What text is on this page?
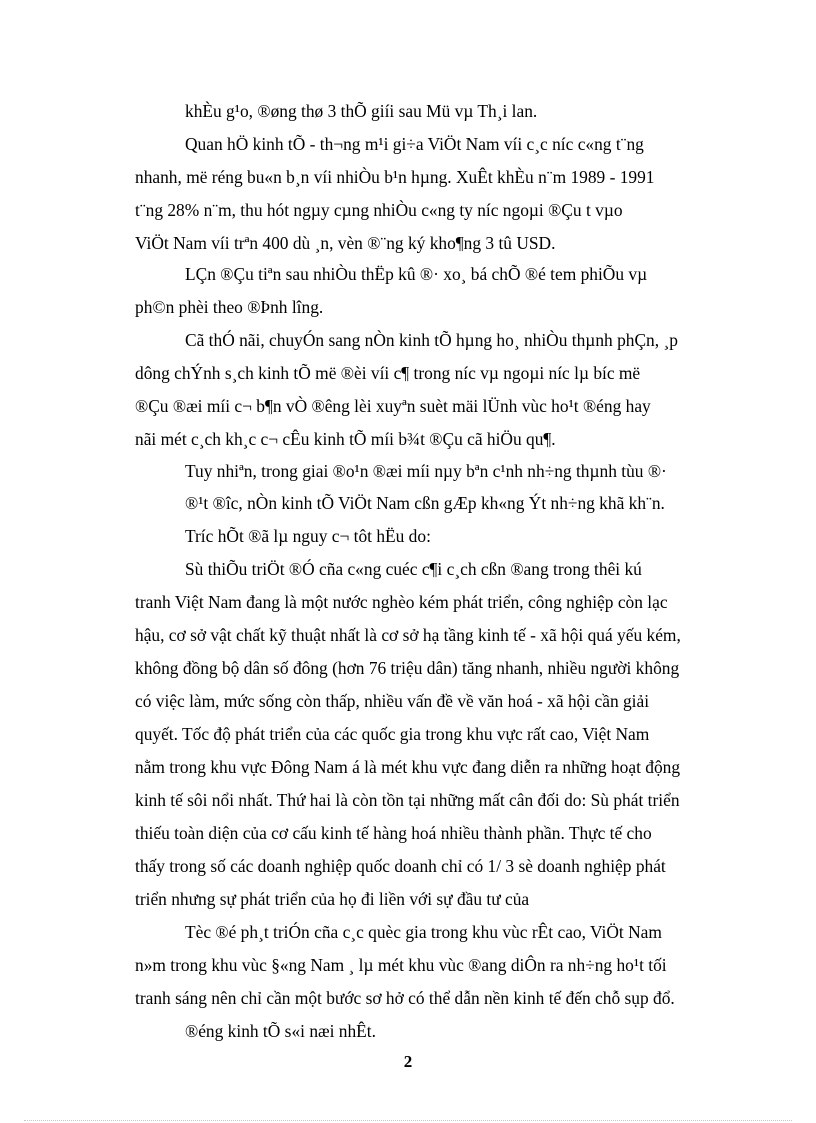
khÈu g¹o, ®øng thø 3 thÕ giíi sau Mü vµ Th¸i lan.
Quan hÖ kinh tÕ - th¬ng m¹i gi÷a ViÖt Nam víi c¸c níc c«ng t¨ng
nhanh, më réng bu«n b¸n víi nhiÒu b¹n hµng. XuÊt khÈu n¨m 1989 - 1991
t¨ng 28% n¨m, thu hót ngµy cµng nhiÒu c«ng ty níc ngoµi ®Çu t vµo
ViÖt Nam víi trªn 400 dù ¸n, vèn ®¨ng ký kho¶ng 3 tû USD.
LÇn ®Çu tiªn sau nhiÒu thËp kû ®· xo¸ bá chÕ ®é tem phiÕu vµ
ph©n phèi theo ®Þnh lîng.
Cã thÓ nãi, chuyÓn sang nÒn kinh tÕ hµng ho¸ nhiÒu thµnh phÇn, ¸p
dông chÝnh s¸ch kinh tÕ më ®èi víi c¶ trong níc vµ ngoµi níc lµ bíc më
®Çu ®æi míi c¬ b¶n vÒ ®êng lèi xuyªn suèt mäi lÜnh vùc ho¹t ®éng hay
nãi mét c¸ch kh¸c c¬ cÊu kinh tÕ míi b¾t ®Çu cã hiÖu qu¶.
Tuy nhiªn, trong giai ®o¹n ®æi míi nµy bªn c¹nh nh÷ng thµnh tùu ®·
®¹t ®îc, nÒn kinh tÕ ViÖt Nam cßn gÆp kh«ng Ýt nh÷ng khã kh¨n.
Tríc hÕt ®ã lµ nguy c¬ tôt hËu do:
Sù thiÕu triÖt ®Ó cña c«ng cuéc c¶i c¸ch cßn ®ang trong thêi kú
tranh Việt Nam đang là một nước nghèo kém phát triển, công nghiệp còn lạc
hậu, cơ sở vật chất kỹ thuật nhất là cơ sở hạ tầng kinh tế - xã hội quá yếu kém,
không đồng bộ dân số đông (hơn 76 triệu dân) tăng nhanh, nhiều người không
có việc làm, mức sống còn thấp, nhiều vấn đề về văn hoá - xã hội cần giải
quyết. Tốc độ phát triển của các quốc gia trong khu vực rất cao, Việt Nam
nằm trong khu vực Đông Nam á là mét khu vực đang diễn ra những hoạt động
kinh tế sôi nổi nhất. Thứ hai là còn tồn tại những mất cân đối do: Sù phát triển
thiếu toàn diện của cơ cấu kinh tế hàng hoá nhiều thành phần. Thực tế cho
thấy trong số các doanh nghiệp quốc doanh chỉ có 1/ 3 sè doanh nghiệp phát
triển nhưng sự phát triển của họ đi liền với sự đầu tư của
Tèc ®é ph¸t triÓn cña c¸c quèc gia trong khu vùc rÊt cao, ViÖt Nam
n»m trong khu vùc §«ng Nam ¸ lµ mét khu vùc ®ang diÔn ra nh÷ng ho¹t tối
tranh sáng nên chỉ cần một bước sơ hở có thể dẫn nền kinh tế đến chỗ sụp đổ.
®éng kinh tÕ s«i næi nhÊt.
2
